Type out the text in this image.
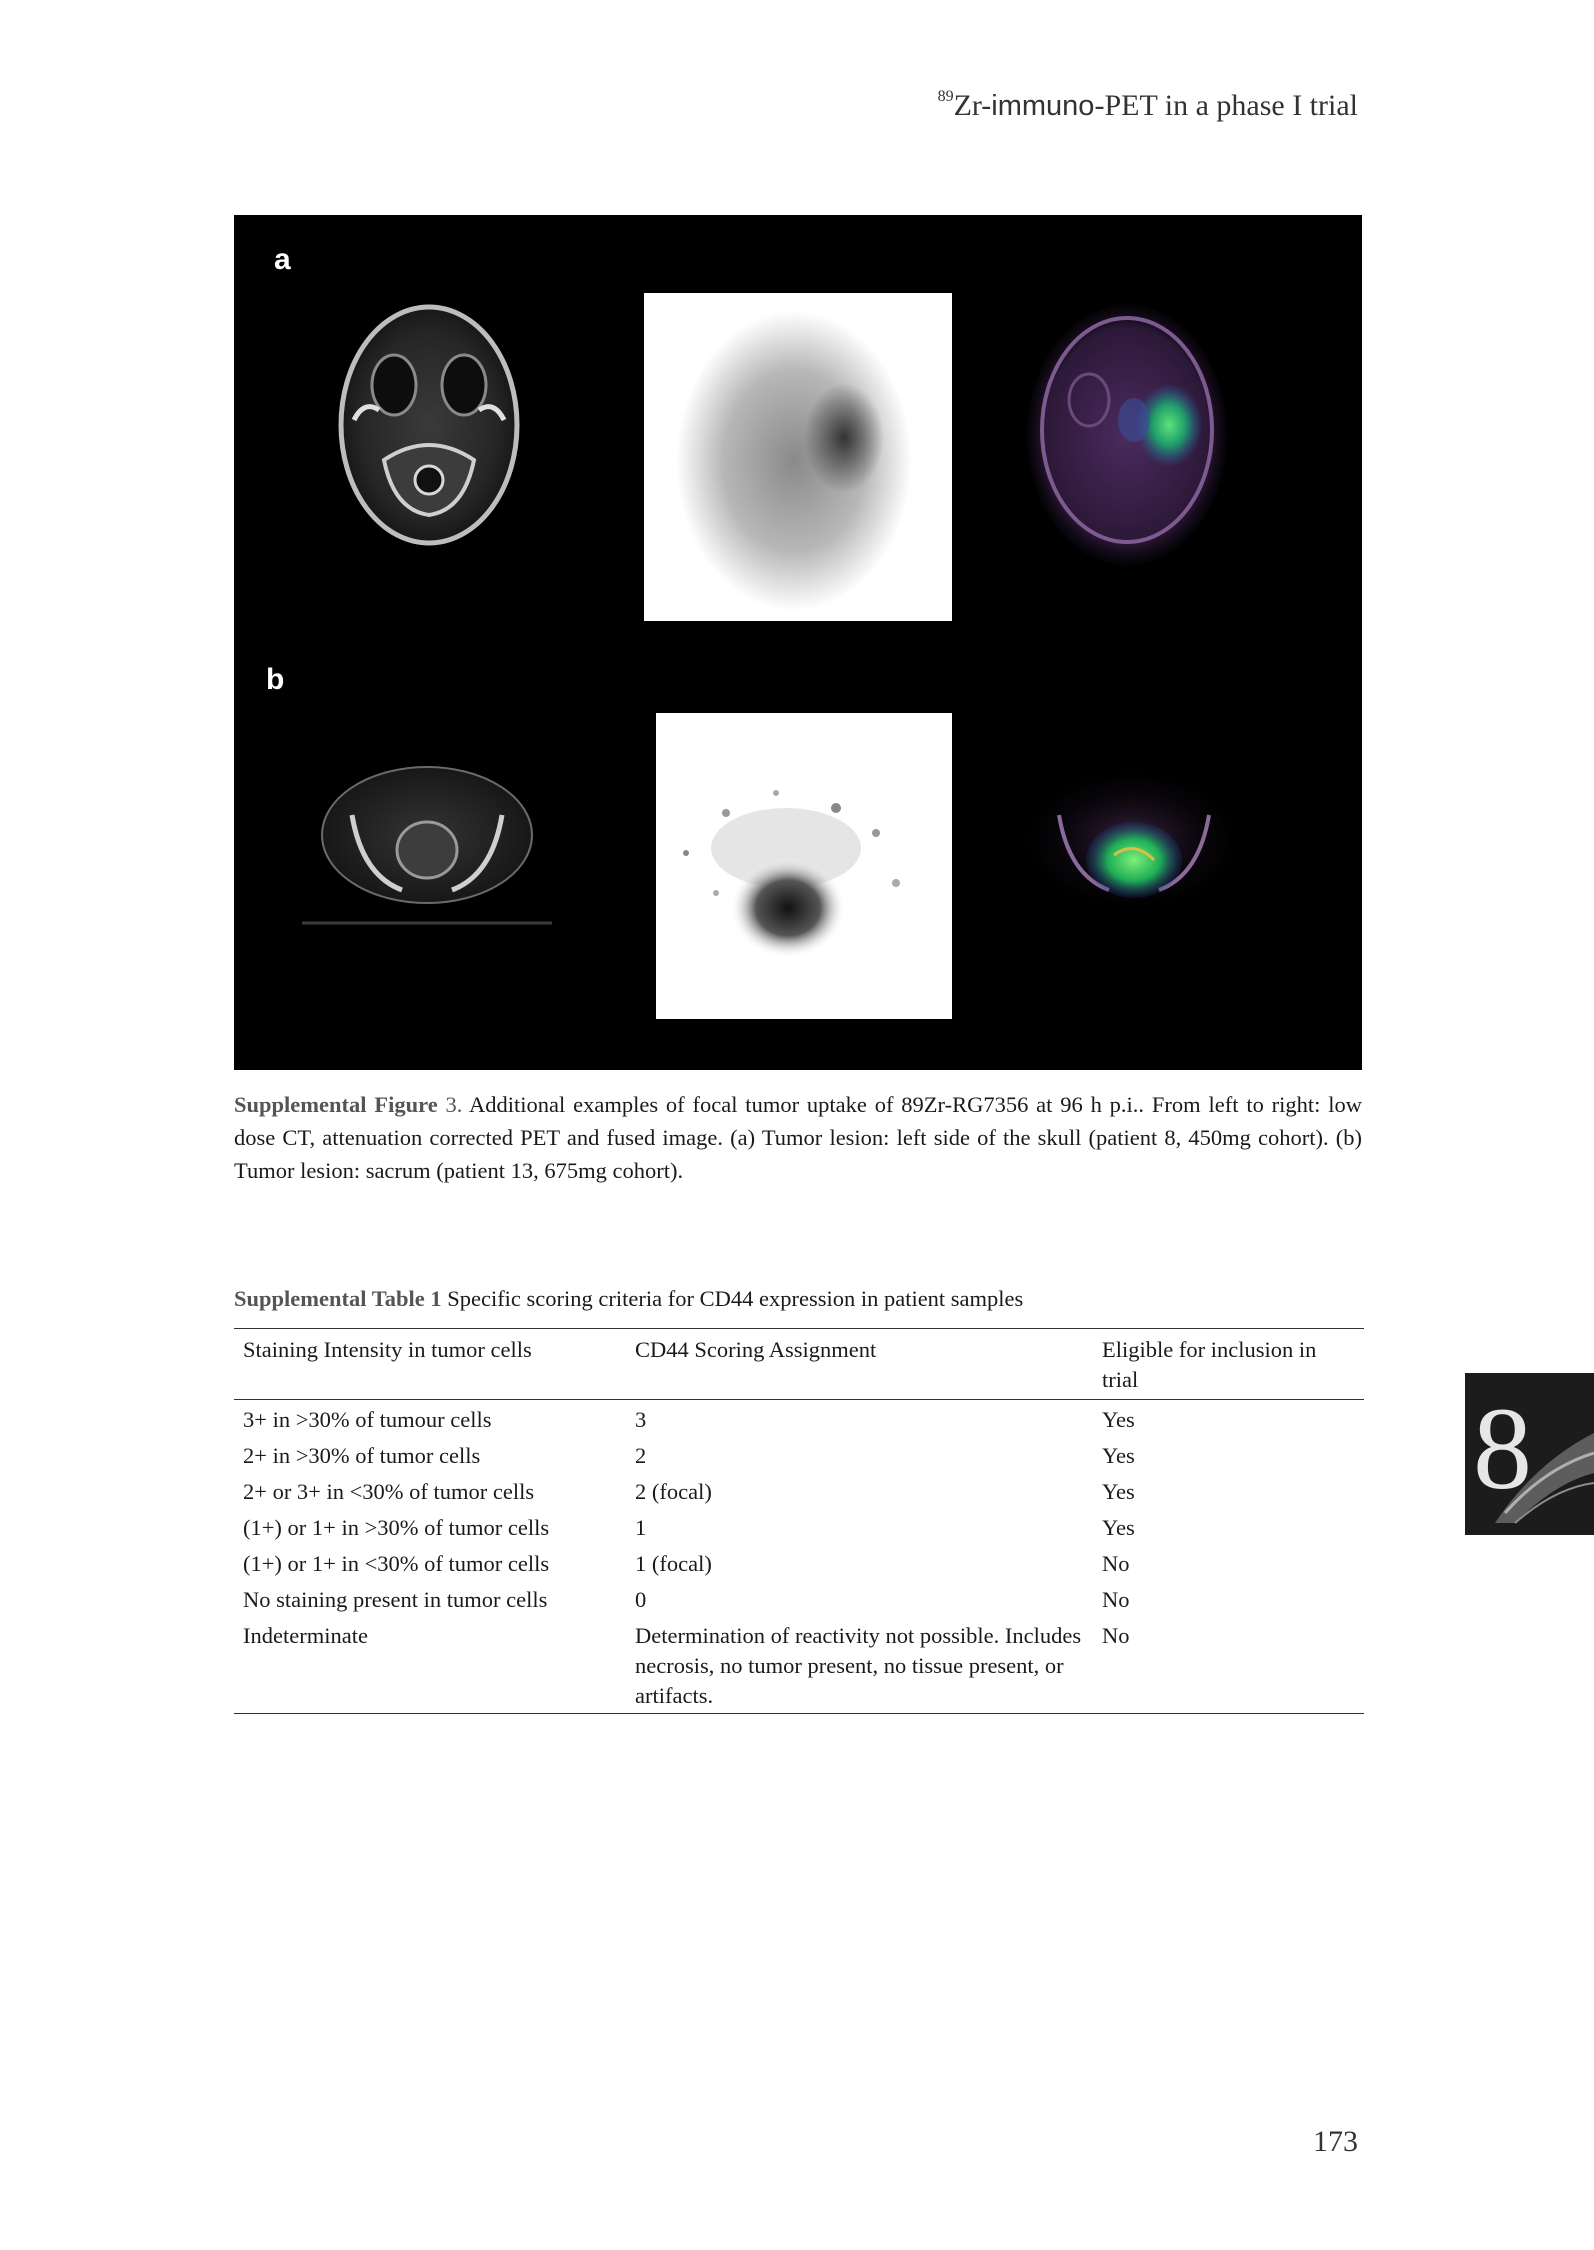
$^{89}$Zr-immuno-PET in a phase I trial
a
b
Supplemental Figure 3. Additional examples of focal tumor uptake of 89Zr-RG7356 at 96 h p.i.. From left to right: low dose CT, attenuation corrected PET and fused image. (a) Tumor lesion: left side of the skull (patient 8, 450mg cohort). (b) Tumor lesion: sacrum (patient 13, 675mg cohort).
Supplemental Table 1 Specific scoring criteria for CD44 expression in patient samples
Staining Intensity in tumor cells	CD44 Scoring Assignment	Eligible for inclusion in trial
3+ in >30% of tumour cells	3	Yes
2+ in >30% of tumor cells	2	Yes
2+ or 3+ in <30% of tumor cells	2 (focal)	Yes
(1+) or 1+ in >30% of tumor cells	1	Yes
(1+) or 1+ in <30% of tumor cells	1 (focal)	No
No staining present in tumor cells	0	No
Indeterminate	Determination of reactivity not possible. Includes necrosis, no tumor present, no tissue present, or artifacts.	No
8
173
